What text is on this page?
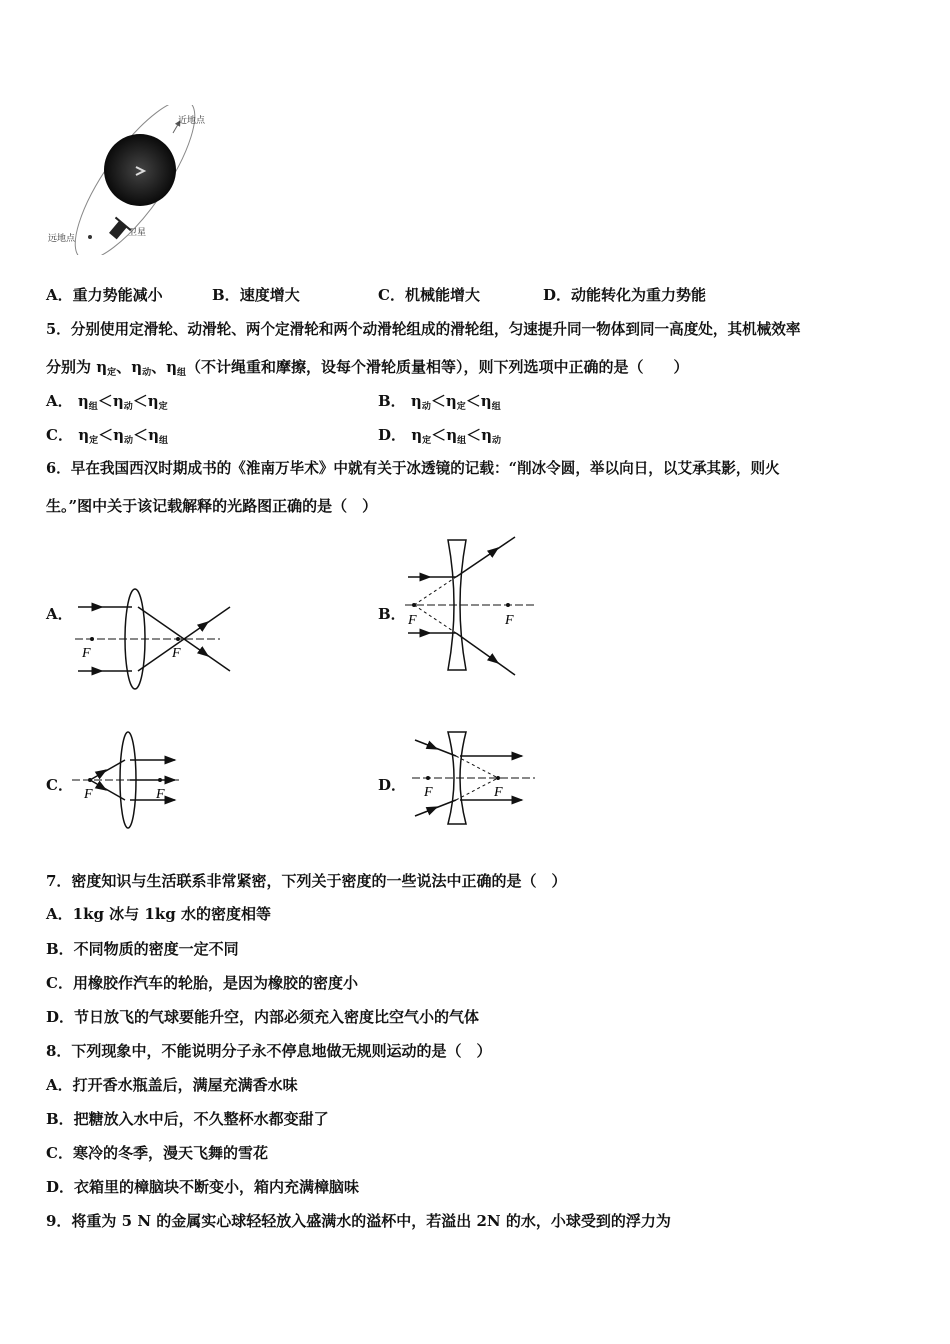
近地点
远地点
卫星
A．重力势能减小	B．速度增大	C．机械能增大	D．动能转化为重力势能
5．分别使用定滑轮、动滑轮、两个定滑轮和两个动滑轮组成的滑轮组，匀速提升同一物体到同一高度处，其机械效率
分别为 $\eta_定$、$\eta_动$、$\eta_组$（不计绳重和摩擦，设每个滑轮质量相等），则下列选项中正确的是（　　）
A． $\eta_组<\eta_动<\eta_定$	B． $\eta_动<\eta_定<\eta_组$
C． $\eta_定<\eta_动<\eta_组$	D． $\eta_定<\eta_组<\eta_动$
6．早在我国西汉时期成书的《淮南万毕术》中就有关于冰透镜的记载：“削冰令圆，举以向日，以艾承其影，则火
生。”图中关于该记载解释的光路图正确的是（　）
A．	B．
C．	D．
F	F
F	F
F	F	F	F
7．密度知识与生活联系非常紧密，下列关于密度的一些说法中正确的是（　）
A．1kg 冰与 1kg 水的密度相等
B．不同物质的密度一定不同
C．用橡胶作汽车的轮胎，是因为橡胶的密度小
D．节日放飞的气球要能升空，内部必须充入密度比空气小的气体
8．下列现象中，不能说明分子永不停息地做无规则运动的是（　）
A．打开香水瓶盖后，满屋充满香水味
B．把糖放入水中后，不久整杯水都变甜了
C．寒冷的冬季，漫天飞舞的雪花
D．衣箱里的樟脑块不断变小，箱内充满樟脑味
9．将重为 5 N 的金属实心球轻轻放入盛满水的溢杯中，若溢出 2N 的水，小球受到的浮力为
